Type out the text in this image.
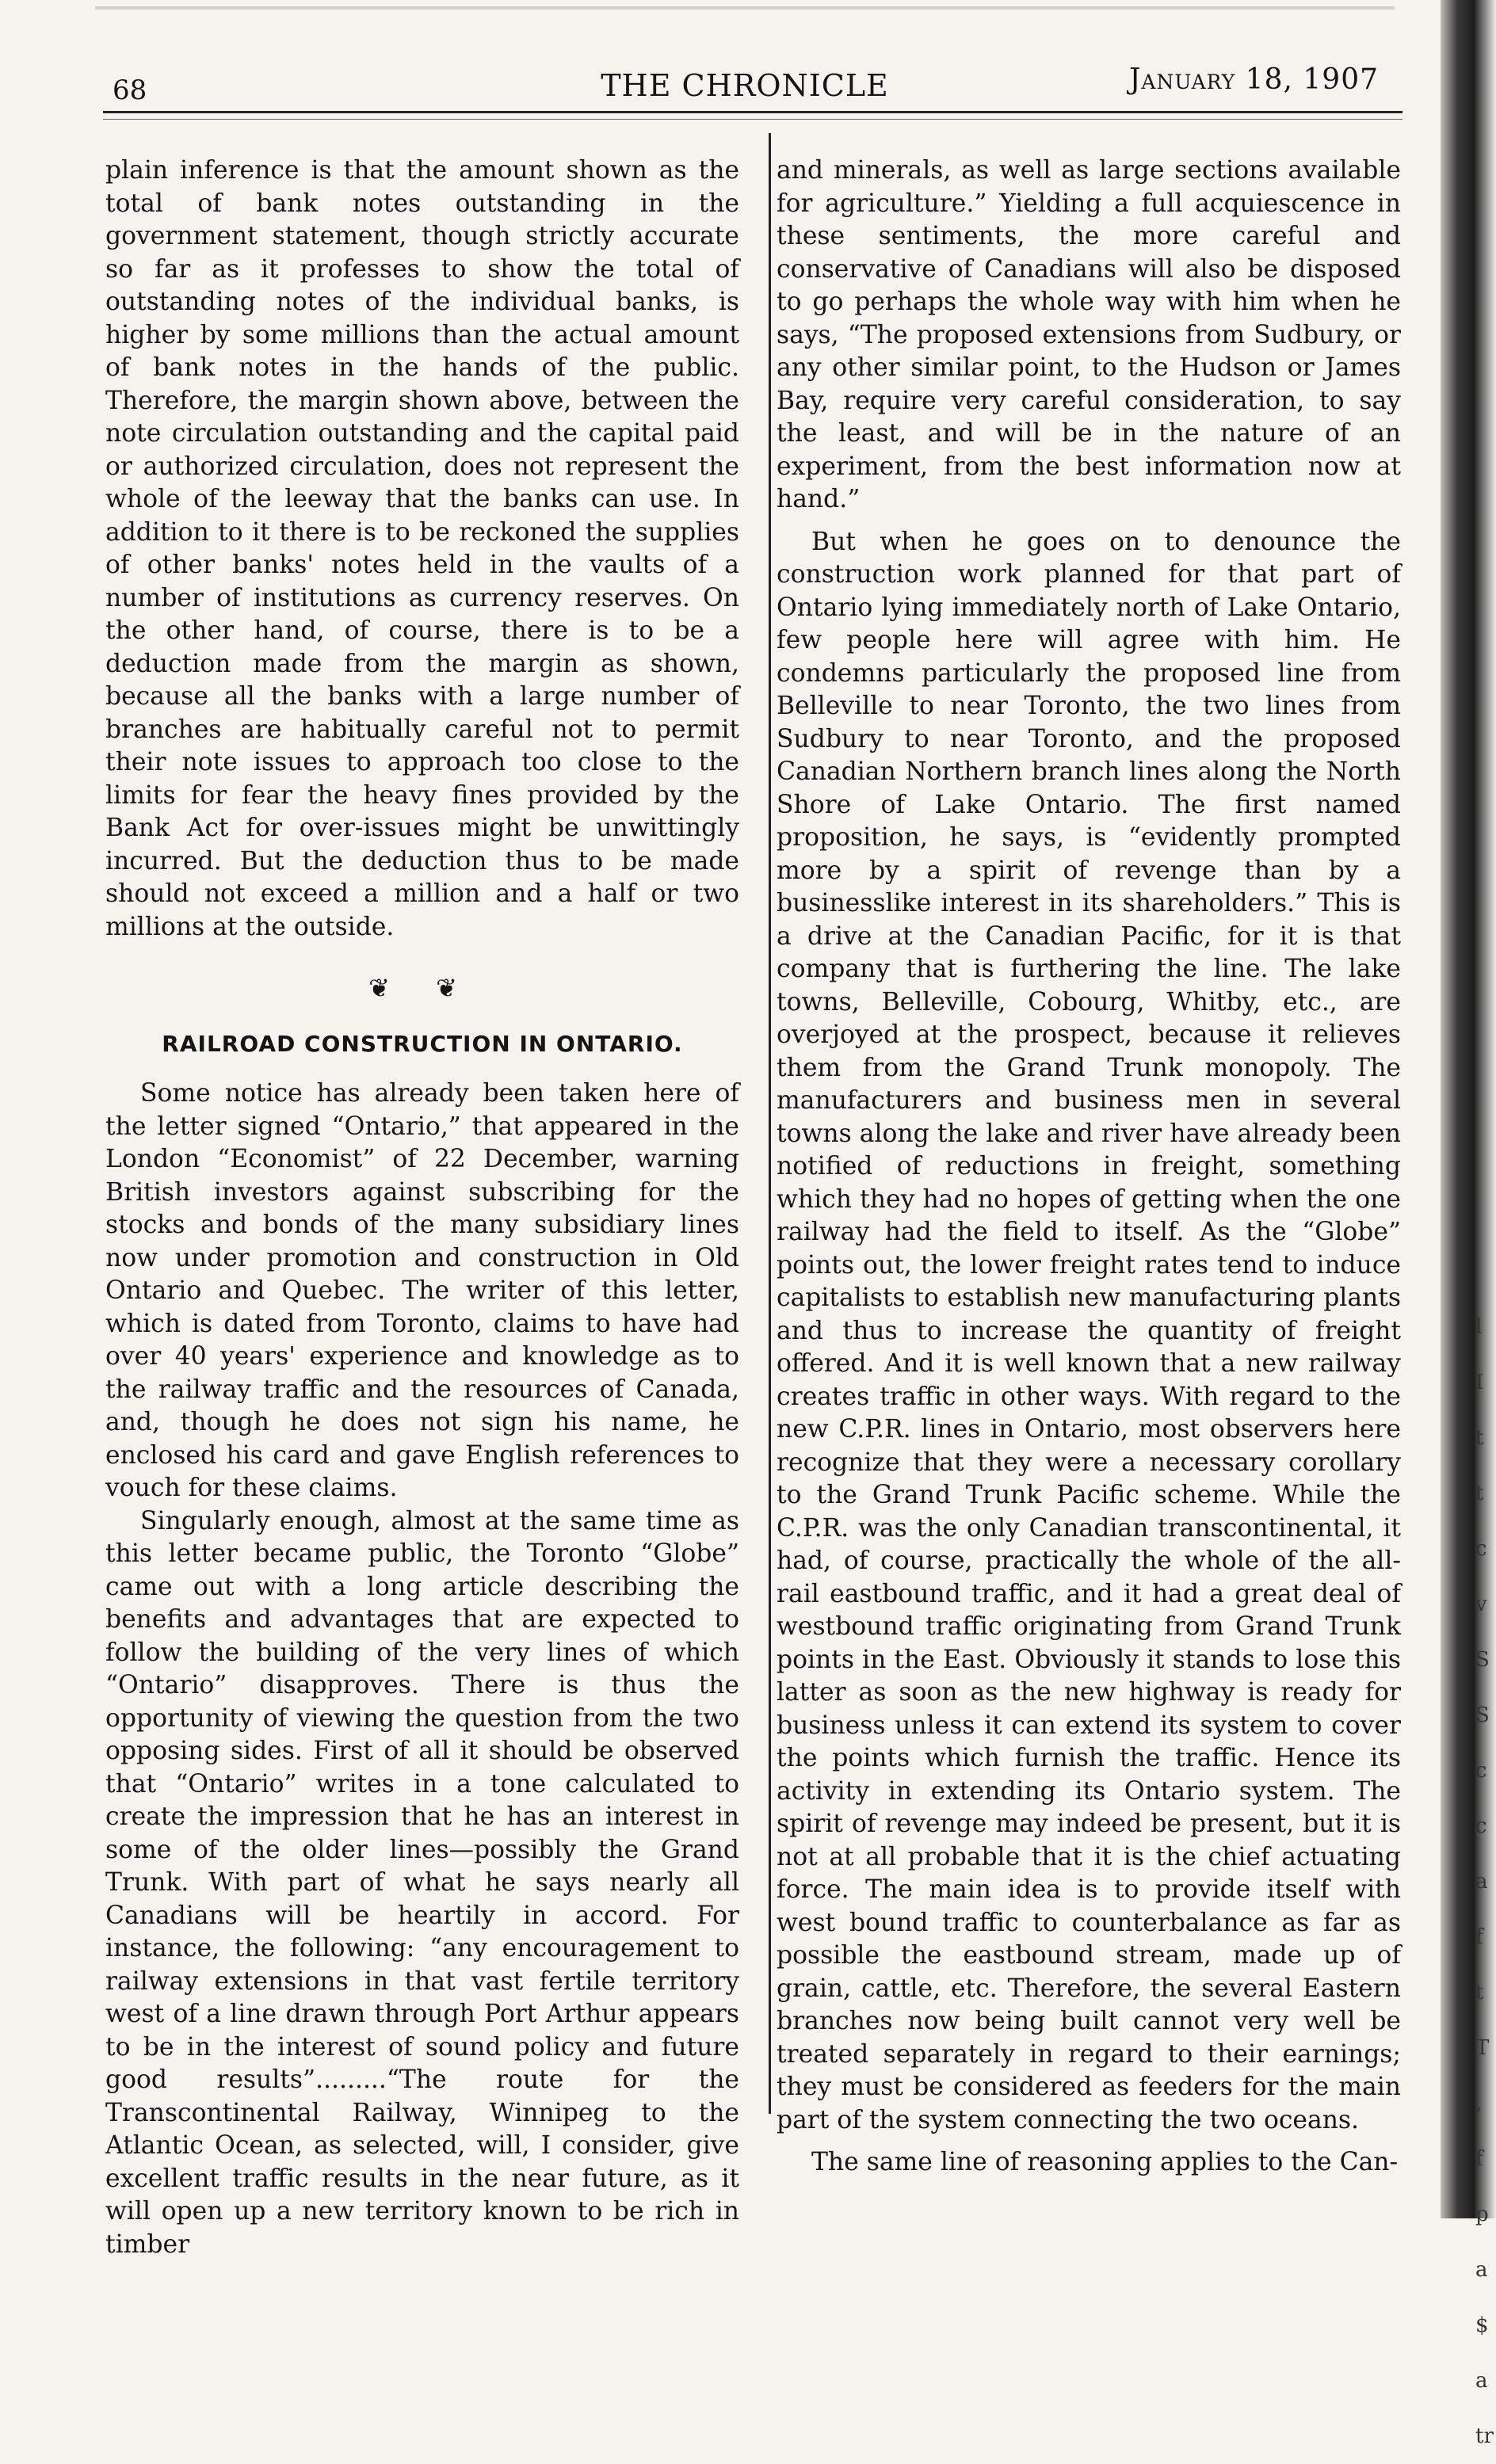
68	THE CHRONICLE	January 18, 1907

plain inference is that the amount shown as the total of bank notes outstanding in the government statement, though strictly accurate so far as it professes to show the total of outstanding notes of the individual banks, is higher by some millions than the actual amount of bank notes in the hands of the public. Therefore, the margin shown above, between the note circulation outstanding and the capital paid or authorized circulation, does not represent the whole of the leeway that the banks can use. In addition to it there is to be reckoned the supplies of other banks' notes held in the vaults of a number of institutions as currency reserves. On the other hand, of course, there is to be a deduction made from the margin as shown, because all the banks with a large number of branches are habitually careful not to permit their note issues to approach too close to the limits for fear the heavy fines provided by the Bank Act for over-issues might be unwittingly incurred. But the deduction thus to be made should not exceed a million and a half or two millions at the outside.

❦ ❦
RAILROAD CONSTRUCTION IN ONTARIO.

Some notice has already been taken here of the letter signed “Ontario,” that appeared in the London “Economist” of 22 December, warning British investors against subscribing for the stocks and bonds of the many subsidiary lines now under promotion and construction in Old Ontario and Quebec. The writer of this letter, which is dated from Toronto, claims to have had over 40 years' experience and knowledge as to the railway traffic and the resources of Canada, and, though he does not sign his name, he enclosed his card and gave English references to vouch for these claims.

Singularly enough, almost at the same time as this letter became public, the Toronto “Globe” came out with a long article describing the benefits and advantages that are expected to follow the building of the very lines of which “Ontario” disapproves. There is thus the opportunity of viewing the question from the two opposing sides. First of all it should be observed that “Ontario” writes in a tone calculated to create the impression that he has an interest in some of the older lines—possibly the Grand Trunk. With part of what he says nearly all Canadians will be heartily in accord. For instance, the following: “any encouragement to railway extensions in that vast fertile territory west of a line drawn through Port Arthur appears to be in the interest of sound policy and future good results”.........“The route for the Transcontinental Railway, Winnipeg to the Atlantic Ocean, as selected, will, I consider, give excellent traffic results in the near future, as it will open up a new territory known to be rich in timber

and minerals, as well as large sections available for agriculture.” Yielding a full acquiescence in these sentiments, the more careful and conservative of Canadians will also be disposed to go perhaps the whole way with him when he says, “The proposed extensions from Sudbury, or any other similar point, to the Hudson or James Bay, require very careful consideration, to say the least, and will be in the nature of an experiment, from the best information now at hand.”

But when he goes on to denounce the construction work planned for that part of Ontario lying immediately north of Lake Ontario, few people here will agree with him. He condemns particularly the proposed line from Belleville to near Toronto, the two lines from Sudbury to near Toronto, and the proposed Canadian Northern branch lines along the North Shore of Lake Ontario. The first named proposition, he says, is “evidently prompted more by a spirit of revenge than by a businesslike interest in its shareholders.” This is a drive at the Canadian Pacific, for it is that company that is furthering the line. The lake towns, Belleville, Cobourg, Whitby, etc., are overjoyed at the prospect, because it relieves them from the Grand Trunk monopoly. The manufacturers and business men in several towns along the lake and river have already been notified of reductions in freight, something which they had no hopes of getting when the one railway had the field to itself. As the “Globe” points out, the lower freight rates tend to induce capitalists to establish new manufacturing plants and thus to increase the quantity of freight offered. And it is well known that a new railway creates traffic in other ways. With regard to the new C.P.R. lines in Ontario, most observers here recognize that they were a necessary corollary to the Grand Trunk Pacific scheme. While the C.P.R. was the only Canadian transcontinental, it had, of course, practically the whole of the all-rail eastbound traffic, and it had a great deal of westbound traffic originating from Grand Trunk points in the East. Obviously it stands to lose this latter as soon as the new highway is ready for business unless it can extend its system to cover the points which furnish the traffic. Hence its activity in extending its Ontario system. The spirit of revenge may indeed be present, but it is not at all probable that it is the chief actuating force. The main idea is to provide itself with west bound traffic to counterbalance as far as possible the eastbound stream, made up of grain, cattle, etc. Therefore, the several Eastern branches now being built cannot very well be treated separately in regard to their earnings; they must be considered as feeders for the main part of the system connecting the two oceans.

The same line of reasoning applies to the Can-

l
I
t
t
c
v
S
S
c
c
a
f
t
T
,
f
p
a
$
a
tr
